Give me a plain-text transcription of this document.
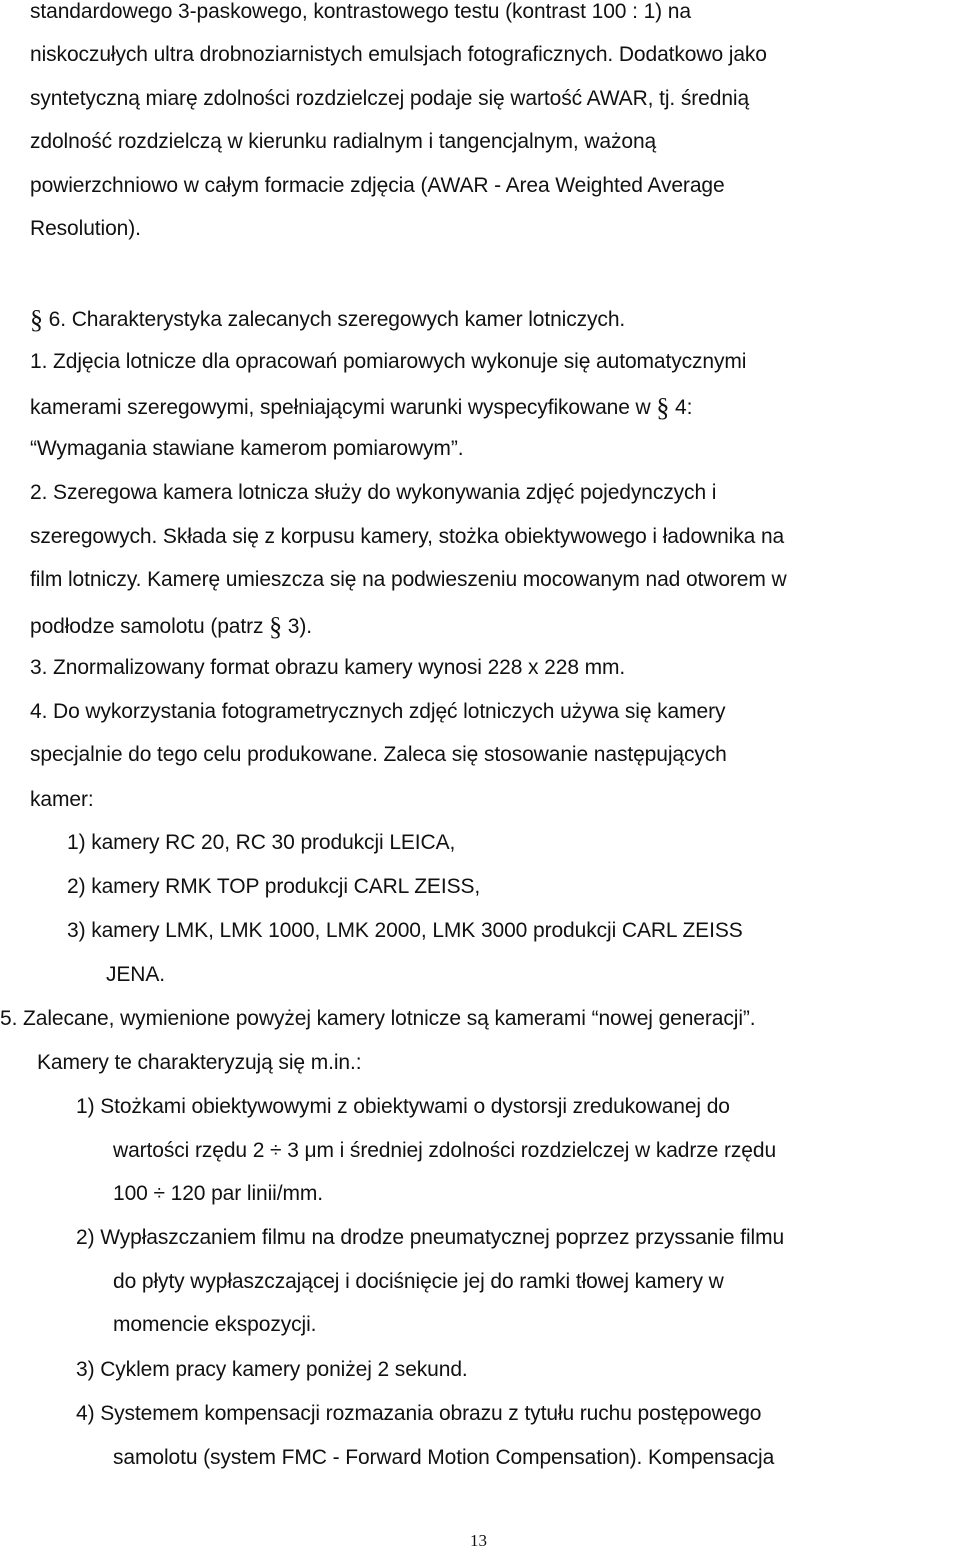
standardowego 3-paskowego, kontrastowego testu (kontrast 100 : 1) na
niskoczułych ultra drobnoziarnistych emulsjach fotograficznych. Dodatkowo jako
syntetyczną miarę zdolności rozdzielczej podaje się wartość AWAR, tj. średnią
zdolność rozdzielczą w kierunku radialnym i tangencjalnym, ważoną
powierzchniowo w całym formacie zdjęcia (AWAR - Area Weighted Average
Resolution).
§ 6. Charakterystyka zalecanych szeregowych kamer lotniczych.
1. Zdjęcia lotnicze dla opracowań pomiarowych wykonuje się automatycznymi
kamerami szeregowymi, spełniającymi warunki wyspecyfikowane w § 4:
“Wymagania stawiane kamerom pomiarowym”.
2. Szeregowa kamera lotnicza służy do wykonywania zdjęć pojedynczych i
szeregowych. Składa się z korpusu kamery, stożka obiektywowego i ładownika na
film lotniczy. Kamerę umieszcza się na podwieszeniu mocowanym nad otworem w
podłodze samolotu (patrz § 3).
3. Znormalizowany format obrazu kamery wynosi 228 x 228 mm.
4. Do wykorzystania fotogrametrycznych zdjęć lotniczych używa się kamery
specjalnie do tego celu produkowane. Zaleca się stosowanie następujących
kamer:
1) kamery RC 20, RC 30 produkcji LEICA,
2) kamery RMK TOP produkcji CARL ZEISS,
3) kamery LMK, LMK 1000, LMK 2000, LMK 3000 produkcji CARL ZEISS
JENA.
5. Zalecane, wymienione powyżej kamery lotnicze są kamerami “nowej generacji”.
Kamery te charakteryzują się m.in.:
1) Stożkami obiektywowymi z obiektywami o dystorsji zredukowanej do
wartości rzędu 2 ÷ 3 μm i średniej zdolności rozdzielczej w kadrze rzędu
100 ÷ 120 par linii/mm.
2) Wypłaszczaniem filmu na drodze pneumatycznej poprzez przyssanie filmu
do płyty wypłaszczającej i dociśnięcie jej do ramki tłowej kamery w
momencie ekspozycji.
3) Cyklem pracy kamery poniżej 2 sekund.
4) Systemem kompensacji rozmazania obrazu z tytułu ruchu postępowego
samolotu (system FMC - Forward Motion Compensation). Kompensacja
13
